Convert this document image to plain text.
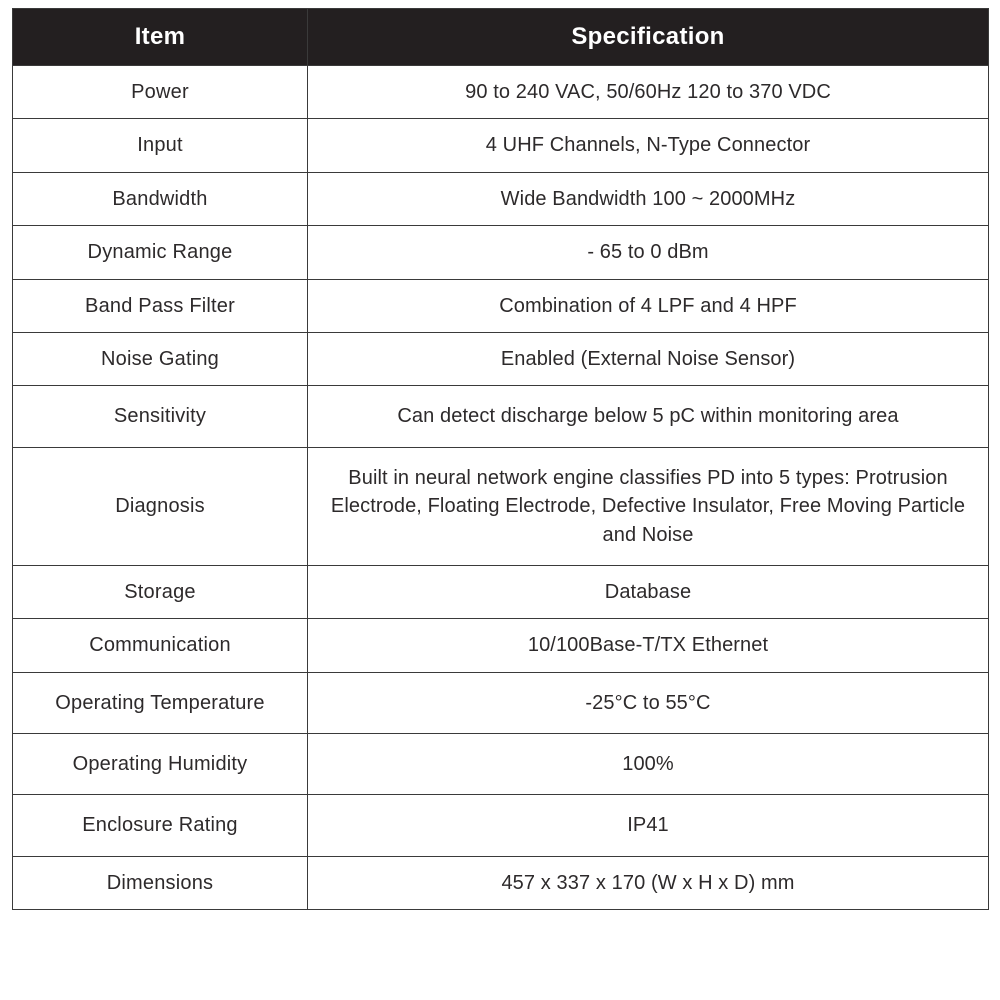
Item	Specification
Power	90 to 240 VAC, 50/60Hz 120 to 370 VDC
Input	4 UHF Channels, N-Type Connector
Bandwidth	Wide Bandwidth 100 ~ 2000MHz
Dynamic Range	- 65 to 0 dBm
Band Pass Filter	Combination of 4 LPF and 4 HPF
Noise Gating	Enabled (External Noise Sensor)
Sensitivity	Can detect discharge below 5 pC within monitoring area
Diagnosis	Built in neural network engine classifies PD into 5 types: Protrusion Electrode, Floating Electrode, Defective Insulator, Free Moving Particle and Noise
Storage	Database
Communication	10/100Base-T/TX Ethernet
Operating Temperature	-25°C to 55°C
Operating Humidity	100%
Enclosure Rating	IP41
Dimensions	457 x 337 x 170 (W x H x D) mm
